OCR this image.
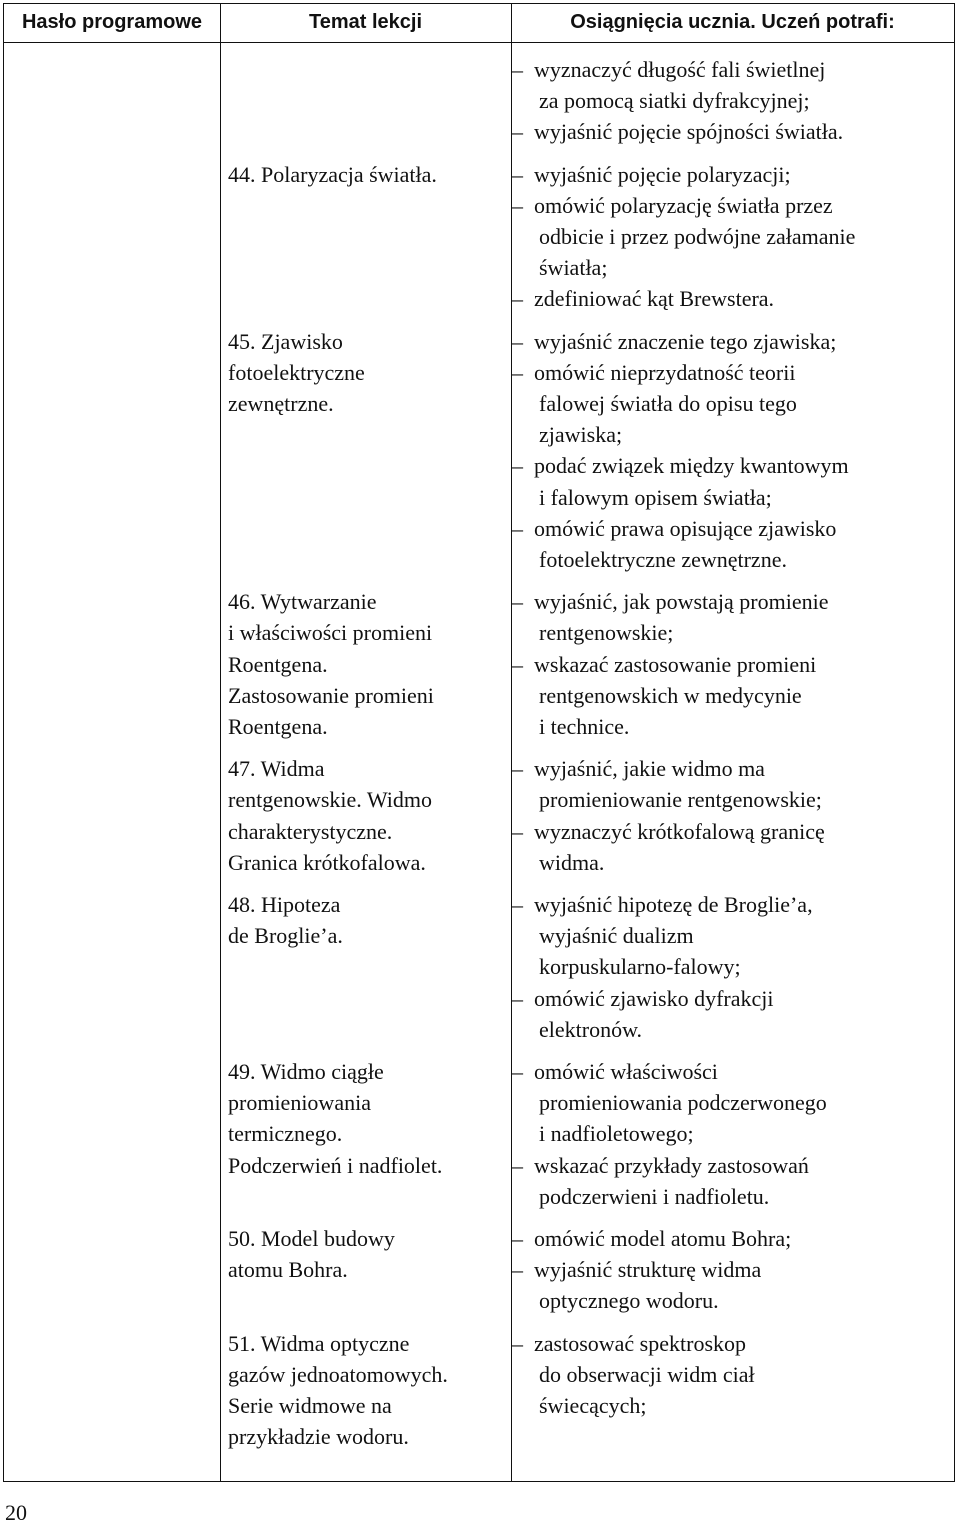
Hasło programowe	Temat lekcji	Osiągnięcia ucznia. Uczeń potrafi:
44. Polaryzacja światła.
45. Zjawisko
fotoelektryczne
zewnętrzne.
46. Wytwarzanie
i właściwości promieni
Roentgena.
Zastosowanie promieni
Roentgena.
47. Widma
rentgenowskie. Widmo
charakterystyczne.
Granica krótkofalowa.
48. Hipoteza
de Broglie’a.
49. Widmo ciągłe
promieniowania
termicznego.
Podczerwień i nadfiolet.
50. Model budowy
atomu Bohra.
51. Widma optyczne
gazów jednoatomowych.
Serie widmowe na
przykładzie wodoru.
– wyznaczyć długość fali świetlnej
za pomocą siatki dyfrakcyjnej;
– wyjaśnić pojęcie spójności światła.
– wyjaśnić pojęcie polaryzacji;
– omówić polaryzację światła przez
odbicie i przez podwójne załamanie
światła;
– zdefiniować kąt Brewstera.
– wyjaśnić znaczenie tego zjawiska;
– omówić nieprzydatność teorii
falowej światła do opisu tego
zjawiska;
– podać związek między kwantowym
i falowym opisem światła;
– omówić prawa opisujące zjawisko
fotoelektryczne zewnętrzne.
– wyjaśnić, jak powstają promienie
rentgenowskie;
– wskazać zastosowanie promieni
rentgenowskich w medycynie
i technice.
– wyjaśnić, jakie widmo ma
promieniowanie rentgenowskie;
– wyznaczyć krótkofalową granicę
widma.
– wyjaśnić hipotezę de Broglie’a,
wyjaśnić dualizm
korpuskularno-falowy;
– omówić zjawisko dyfrakcji
elektronów.
– omówić właściwości
promieniowania podczerwonego
i nadfioletowego;
– wskazać przykłady zastosowań
podczerwieni i nadfioletu.
– omówić model atomu Bohra;
– wyjaśnić strukturę widma
optycznego wodoru.
– zastosować spektroskop
do obserwacji widm ciał
świecących;
20
